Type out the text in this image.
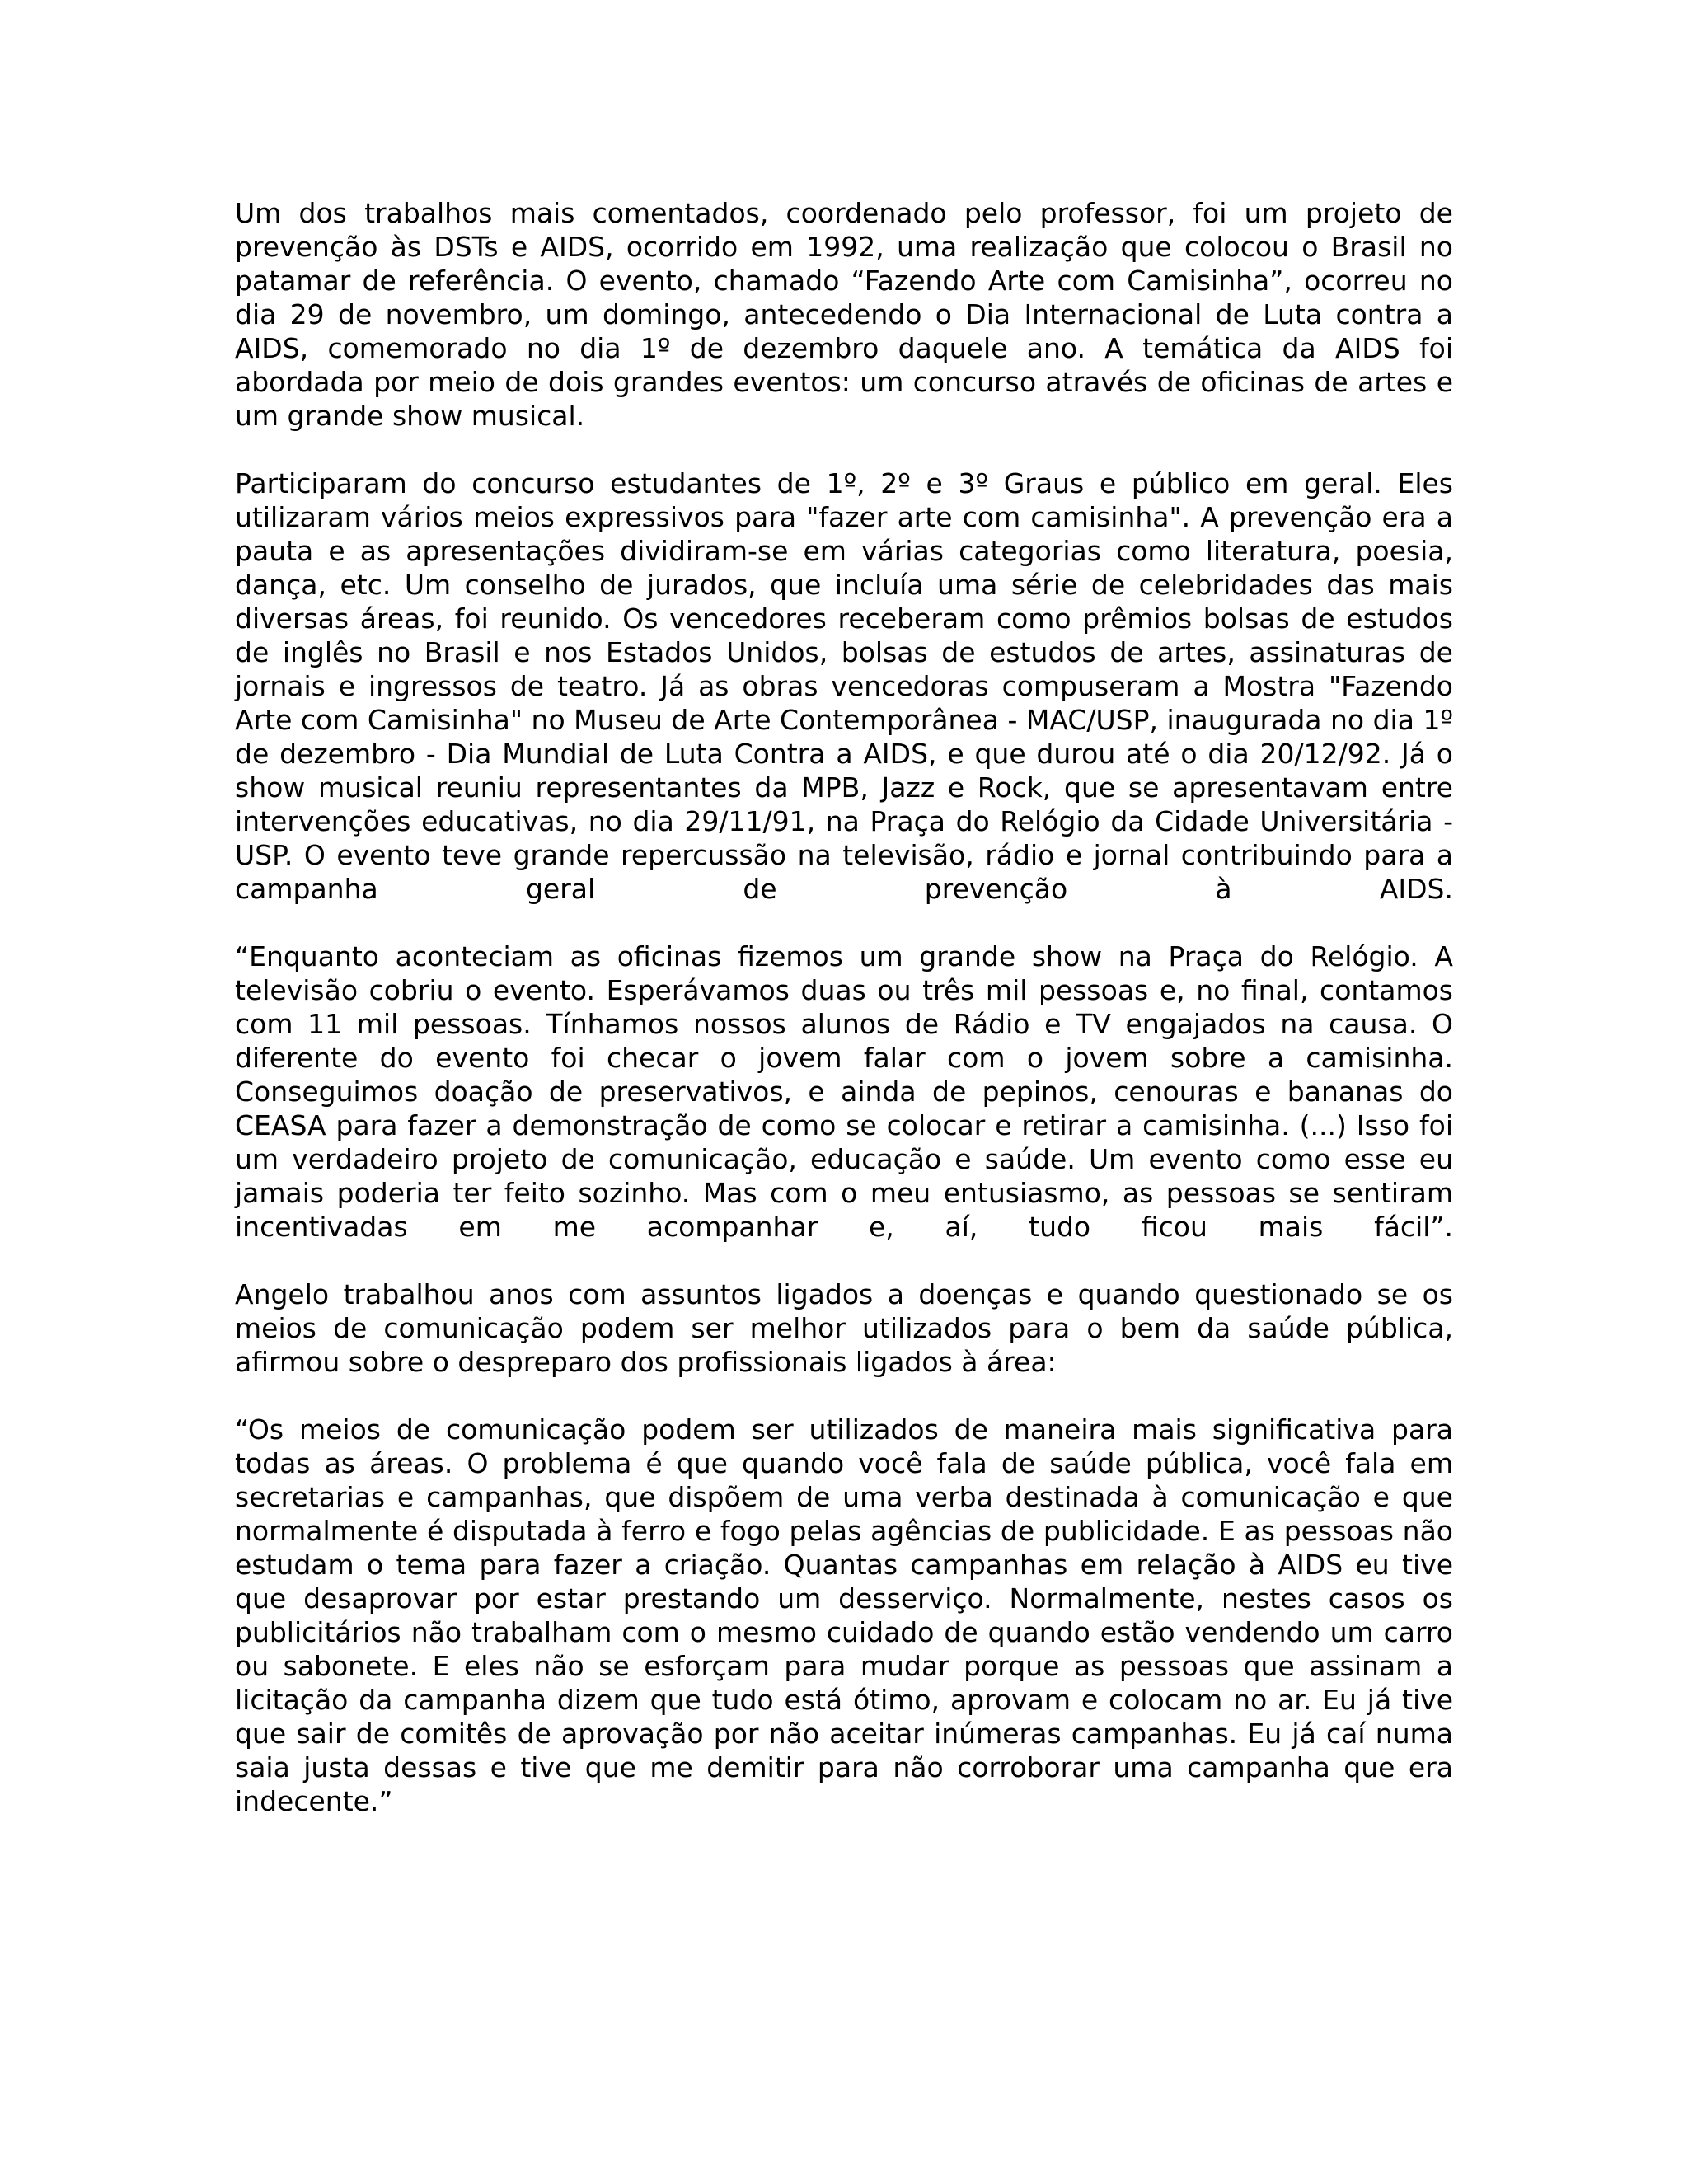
Um dos trabalhos mais comentados, coordenado pelo professor, foi um projeto de prevenção às DSTs e AIDS, ocorrido em 1992, uma realização que colocou o Brasil no patamar de referência. O evento, chamado “Fazendo Arte com Camisinha”, ocorreu no dia 29 de novembro, um domingo, antecedendo o Dia Internacional de Luta contra a AIDS, comemorado no dia 1º de dezembro daquele ano. A temática da AIDS foi abordada por meio de dois grandes eventos: um concurso através de oficinas de artes e um grande show musical.

Participaram do concurso estudantes de 1º, 2º e 3º Graus e público em geral. Eles utilizaram vários meios expressivos para "fazer arte com camisinha". A prevenção era a pauta e as apresentações dividiram-se em várias categorias como literatura, poesia, dança, etc. Um conselho de jurados, que incluía uma série de celebridades das mais diversas áreas, foi reunido. Os vencedores receberam como prêmios bolsas de estudos de inglês no Brasil e nos Estados Unidos, bolsas de estudos de artes, assinaturas de jornais e ingressos de teatro. Já as obras vencedoras compuseram a Mostra "Fazendo Arte com Camisinha" no Museu de Arte Contemporânea - MAC/USP, inaugurada no dia 1º de dezembro - Dia Mundial de Luta Contra a AIDS, e que durou até o dia 20/12/92. Já o show musical reuniu representantes da MPB, Jazz e Rock, que se apresentavam entre intervenções educativas, no dia 29/11/91, na Praça do Relógio da Cidade Universitária - USP. O evento teve grande repercussão na televisão, rádio e jornal contribuindo para a campanha geral de prevenção à AIDS.

“Enquanto aconteciam as oficinas fizemos um grande show na Praça do Relógio. A televisão cobriu o evento. Esperávamos duas ou três mil pessoas e, no final, contamos com 11 mil pessoas. Tínhamos nossos alunos de Rádio e TV engajados na causa. O diferente do evento foi checar o jovem falar com o jovem sobre a camisinha. Conseguimos doação de preservativos, e ainda de pepinos, cenouras e bananas do CEASA para fazer a demonstração de como se colocar e retirar a camisinha. (...) Isso foi um verdadeiro projeto de comunicação, educação e saúde. Um evento como esse eu jamais poderia ter feito sozinho. Mas com o meu entusiasmo, as pessoas se sentiram incentivadas em me acompanhar e, aí, tudo ficou mais fácil”.

Angelo trabalhou anos com assuntos ligados a doenças e quando questionado se os meios de comunicação podem ser melhor utilizados para o bem da saúde pública, afirmou sobre o despreparo dos profissionais ligados à área:

“Os meios de comunicação podem ser utilizados de maneira mais significativa para todas as áreas. O problema é que quando você fala de saúde pública, você fala em secretarias e campanhas, que dispõem de uma verba destinada à comunicação e que normalmente é disputada à ferro e fogo pelas agências de publicidade. E as pessoas não estudam o tema para fazer a criação. Quantas campanhas em relação à AIDS eu tive que desaprovar por estar prestando um desserviço. Normalmente, nestes casos os publicitários não trabalham com o mesmo cuidado de quando estão vendendo um carro ou sabonete. E eles não se esforçam para mudar porque as pessoas que assinam a licitação da campanha dizem que tudo está ótimo, aprovam e colocam no ar. Eu já tive que sair de comitês de aprovação por não aceitar inúmeras campanhas. Eu já caí numa saia justa dessas e tive que me demitir para não corroborar uma campanha que era indecente.”
